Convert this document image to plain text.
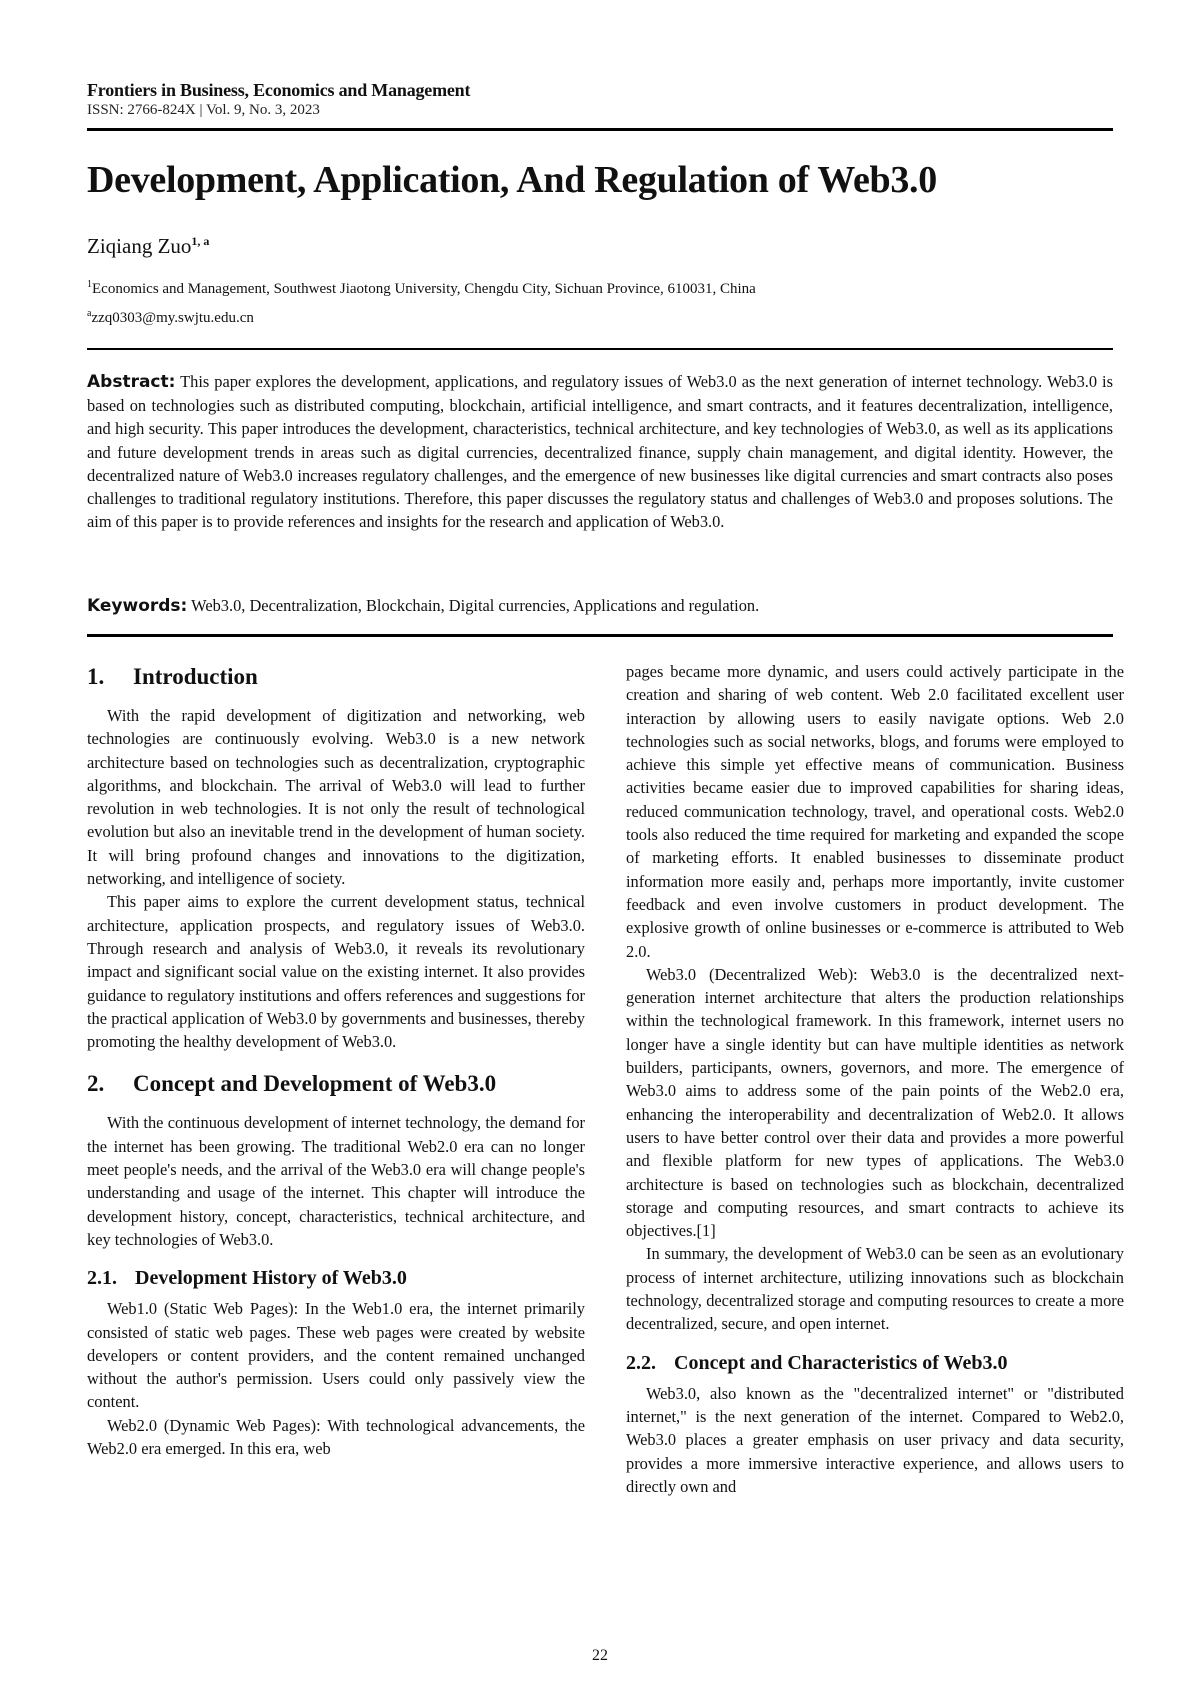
Frontiers in Business, Economics and Management
ISSN: 2766-824X | Vol. 9, No. 3, 2023
Development, Application, And Regulation of Web3.0
Ziqiang Zuo$^{1, a}$
$^1$Economics and Management, Southwest Jiaotong University, Chengdu City, Sichuan Province, 610031, China
$^a$zzq0303@my.swjtu.edu.cn
Abstract: This paper explores the development, applications, and regulatory issues of Web3.0 as the next generation of internet technology. Web3.0 is based on technologies such as distributed computing, blockchain, artificial intelligence, and smart contracts, and it features decentralization, intelligence, and high security. This paper introduces the development, characteristics, technical architecture, and key technologies of Web3.0, as well as its applications and future development trends in areas such as digital currencies, decentralized finance, supply chain management, and digital identity. However, the decentralized nature of Web3.0 increases regulatory challenges, and the emergence of new businesses like digital currencies and smart contracts also poses challenges to traditional regulatory institutions. Therefore, this paper discusses the regulatory status and challenges of Web3.0 and proposes solutions. The aim of this paper is to provide references and insights for the research and application of Web3.0.
Keywords: Web3.0, Decentralization, Blockchain, Digital currencies, Applications and regulation.
1.	Introduction

With the rapid development of digitization and networking, web technologies are continuously evolving. Web3.0 is a new network architecture based on technologies such as decentralization, cryptographic algorithms, and blockchain. The arrival of Web3.0 will lead to further revolution in web technologies. It is not only the result of technological evolution but also an inevitable trend in the development of human society. It will bring profound changes and innovations to the digitization, networking, and intelligence of society.

This paper aims to explore the current development status, technical architecture, application prospects, and regulatory issues of Web3.0. Through research and analysis of Web3.0, it reveals its revolutionary impact and significant social value on the existing internet. It also provides guidance to regulatory institutions and offers references and suggestions for the practical application of Web3.0 by governments and businesses, thereby promoting the healthy development of Web3.0.

2.	Concept and Development of Web3.0

With the continuous development of internet technology, the demand for the internet has been growing. The traditional Web2.0 era can no longer meet people's needs, and the arrival of the Web3.0 era will change people's understanding and usage of the internet. This chapter will introduce the development history, concept, characteristics, technical architecture, and key technologies of Web3.0.

2.1. Development History of Web3.0

Web1.0 (Static Web Pages): In the Web1.0 era, the internet primarily consisted of static web pages. These web pages were created by website developers or content providers, and the content remained unchanged without the author's permission. Users could only passively view the content.

Web2.0 (Dynamic Web Pages): With technological advancements, the Web2.0 era emerged. In this era, web

pages became more dynamic, and users could actively participate in the creation and sharing of web content. Web 2.0 facilitated excellent user interaction by allowing users to easily navigate options. Web 2.0 technologies such as social networks, blogs, and forums were employed to achieve this simple yet effective means of communication. Business activities became easier due to improved capabilities for sharing ideas, reduced communication technology, travel, and operational costs. Web2.0 tools also reduced the time required for marketing and expanded the scope of marketing efforts. It enabled businesses to disseminate product information more easily and, perhaps more importantly, invite customer feedback and even involve customers in product development. The explosive growth of online businesses or e-commerce is attributed to Web 2.0.

Web3.0 (Decentralized Web): Web3.0 is the decentralized next-generation internet architecture that alters the production relationships within the technological framework. In this framework, internet users no longer have a single identity but can have multiple identities as network builders, participants, owners, governors, and more. The emergence of Web3.0 aims to address some of the pain points of the Web2.0 era, enhancing the interoperability and decentralization of Web2.0. It allows users to have better control over their data and provides a more powerful and flexible platform for new types of applications. The Web3.0 architecture is based on technologies such as blockchain, decentralized storage and computing resources, and smart contracts to achieve its objectives.[1]

In summary, the development of Web3.0 can be seen as an evolutionary process of internet architecture, utilizing innovations such as blockchain technology, decentralized storage and computing resources to create a more decentralized, secure, and open internet.

2.2. Concept and Characteristics of Web3.0

Web3.0, also known as the "decentralized internet" or "distributed internet," is the next generation of the internet. Compared to Web2.0, Web3.0 places a greater emphasis on user privacy and data security, provides a more immersive interactive experience, and allows users to directly own and

22
